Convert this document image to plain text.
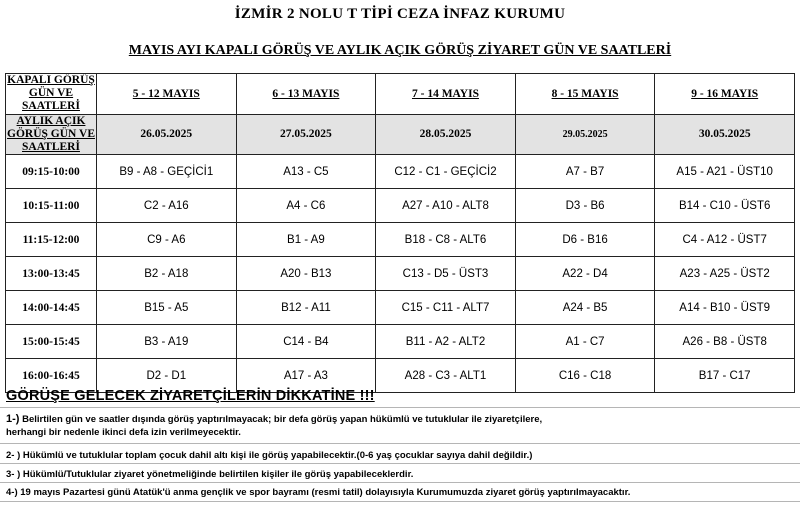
İZMİR 2 NOLU T TİPİ CEZA İNFAZ KURUMU
MAYIS AYI KAPALI GÖRÜŞ VE AYLIK AÇIK GÖRÜŞ ZİYARET GÜN VE SAATLERİ
KAPALI GÖRÜŞ GÜN VE SAATLERİ	5 - 12 MAYIS	6 - 13 MAYIS	7 - 14 MAYIS	8 - 15 MAYIS	9 - 16 MAYIS
AYLIK AÇIK GÖRÜŞ GÜN VE SAATLERİ	26.05.2025	27.05.2025	28.05.2025	29.05.2025	30.05.2025
09:15-10:00	B9 - A8 - GEÇİCİ1	A13 - C5	C12 - C1 - GEÇİCİ2	A7 - B7	A15 - A21 - ÜST10
10:15-11:00	C2 - A16	A4 - C6	A27 - A10 - ALT8	D3 - B6	B14 - C10 - ÜST6
11:15-12:00	C9 - A6	B1 - A9	B18 - C8 - ALT6	D6 - B16	C4 - A12 - ÜST7
13:00-13:45	B2 - A18	A20 - B13	C13 - D5 - ÜST3	A22 - D4	A23 - A25 - ÜST2
14:00-14:45	B15 - A5	B12 - A11	C15 - C11 - ALT7	A24 - B5	A14 - B10 - ÜST9
15:00-15:45	B3 - A19	C14 - B4	B11 - A2 - ALT2	A1 - C7	A26 - B8 - ÜST8
16:00-16:45	D2 - D1	A17 - A3	A28 - C3 - ALT1	C16 - C18	B17 - C17
GÖRÜŞE GELECEK ZİYARETÇİLERİN DİKKATİNE !!!
1-) Belirtilen gün ve saatler dışında görüş yaptırılmayacak; bir defa görüş yapan hükümlü ve tutuklular ile ziyaretçilere,
herhangi bir nedenle ikinci defa izin verilmeyecektir.
2- ) Hükümlü ve tutuklular toplam çocuk dahil altı kişi ile görüş yapabilecektir.(0-6 yaş çocuklar sayıya dahil değildir.)
3- ) Hükümlü/Tutuklular ziyaret yönetmeliğinde belirtilen kişiler ile görüş yapabileceklerdir.
4-) 19 mayıs Pazartesi günü Atatük'ü anma gençlik ve spor bayramı (resmi tatil) dolayısıyla Kurumumuzda ziyaret görüş yaptırılmayacaktır.
